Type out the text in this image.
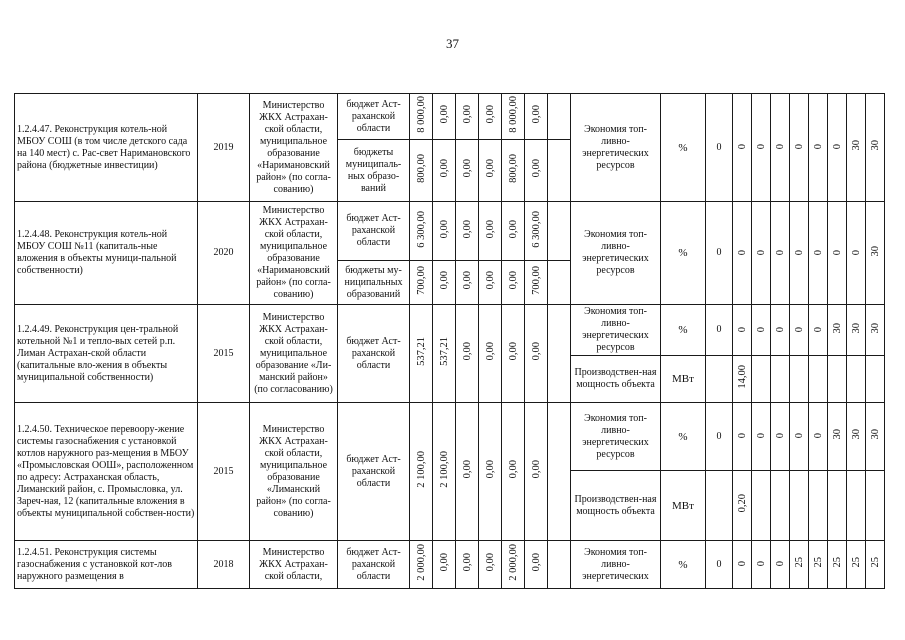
37
1.2.4.47. Реконструкция котель-ной МБОУ СОШ (в том числе детского сада на 140 мест) с. Рас-свет Наримановского района (бюджетные инвестиции)	2019	Министерство ЖКХ Астрахан-ской области, муниципальное образование «Наримановский район» (по согла-сованию)	бюджет Аст-раханской области	8 000,00	0,00	0,00	0,00	8 000,00	0,00		Экономия топ-ливно-энергетических ресурсов	%	0	0	0	0	0	0	0	30	30

			бюджеты муниципаль-ных образо-ваний	800,00	0,00	0,00	0,00	800,00	0,00												

1.2.4.48. Реконструкция котель-ной МБОУ СОШ №11 (капиталь-ные вложения в объекты муници-пальной собственности)	2020	Министерство ЖКХ Астрахан-ской области, муниципальное образование «Наримановский район» (по согла-сованию)	бюджет Аст-раханской области	6 300,00	0,00	0,00	0,00	0,00	6 300,00		Экономия топ-ливно-энергетических ресурсов	%	0	0	0	0	0	0	0	0	30

			бюджеты му-ниципальных образований	700,00	0,00	0,00	0,00	0,00	700,00												

1.2.4.49. Реконструкция цен-тральной котельной №1 и тепло-вых сетей р.п. Лиман Астрахан-ской области (капитальные вло-жения в объекты муниципальной собственности)	2015	Министерство ЖКХ Астрахан-ской области, муниципальное образование «Ли-манский район» (по согласованию)	бюджет Аст-раханской области	537,21	537,21	0,00	0,00	0,00	0,00		Экономия топ-ливно-энергетических ресурсов	%	0	0	0	0	0	0	30	30	30

											Производствен-ная мощность объекта	МВт		14,00							

1.2.4.50. Техническое перевоору-жение системы газоснабжения с установкой котлов наружного раз-мещения в МБОУ «Промысловская ООШ», расположенном по адресу: Астраханская область, Лиманский район, с. Промысловка, ул. Зареч-ная, 12 (капитальные вложения в объекты муниципальной собствен-ности)	2015	Министерство ЖКХ Астрахан-ской области, муниципальное образование «Лиманский район» (по согла-сованию)	бюджет Аст-раханской области	2 100,00	2 100,00	0,00	0,00	0,00	0,00		Экономия топ-ливно-энергетических ресурсов	%	0	0	0	0	0	0	30	30	30

											Производствен-ная мощность объекта	МВт		0,20							

1.2.4.51. Реконструкция системы газоснабжения с установкой кот-лов наружного размещения в	2018	Министерство ЖКХ Астрахан-ской области,	бюджет Аст-раханской области	2 000,00	0,00	0,00	0,00	2 000,00	0,00		Экономия топ-ливно-энергетических	%	0	0	0	0	25	25	25	25	25
